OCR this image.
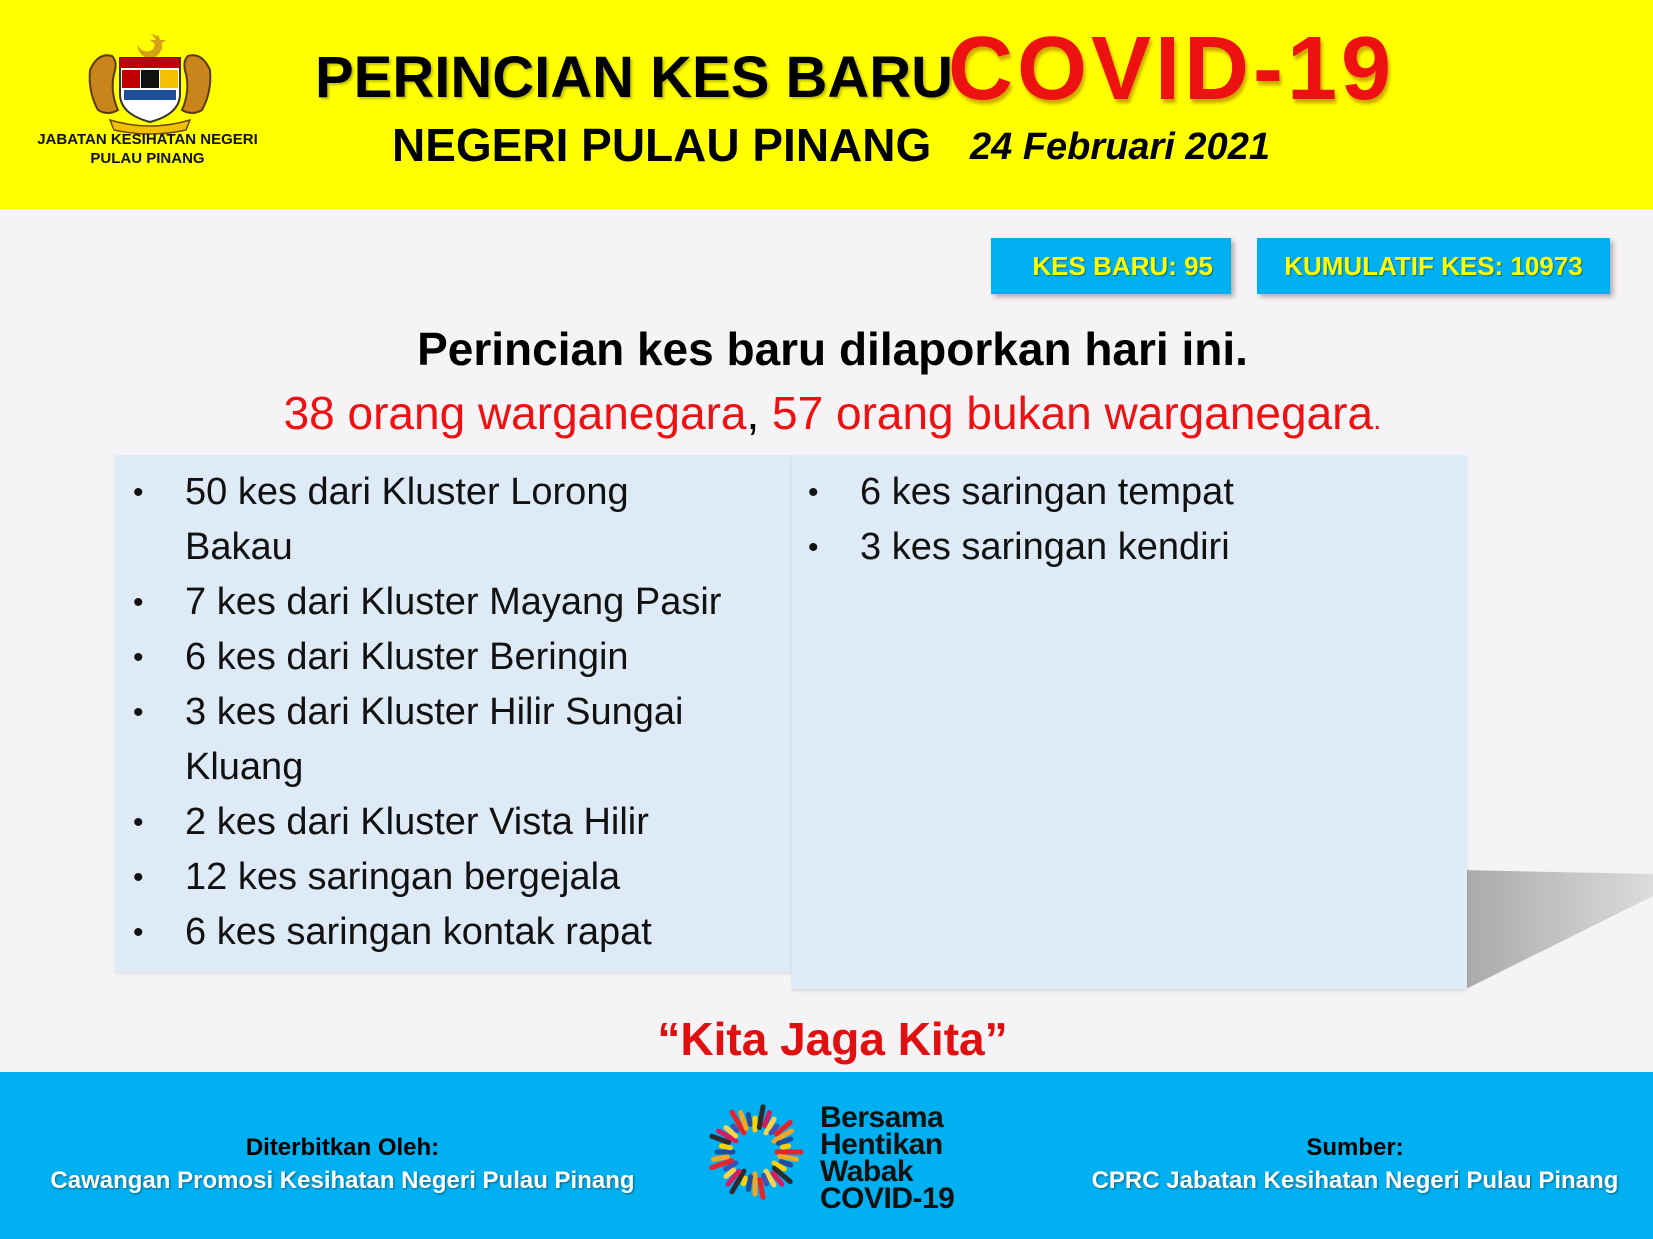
JABATAN KESIHATAN NEGERI
PULAU PINANG
PERINCIAN KES BARU
COVID-19
NEGERI PULAU PINANG 24 Februari 2021
KES BARU: 95	KUMULATIF KES: 10973
Perincian kes baru dilaporkan hari ini.
38 orang warganegara, 57 orang bukan warganegara.
• 50 kes dari Kluster Lorong
Bakau
• 7 kes dari Kluster Mayang Pasir
• 6 kes dari Kluster Beringin
• 3 kes dari Kluster Hilir Sungai
Kluang
• 2 kes dari Kluster Vista Hilir
• 12 kes saringan bergejala
• 6 kes saringan kontak rapat
• 6 kes saringan tempat
• 3 kes saringan kendiri
“Kita Jaga Kita”
Diterbitkan Oleh:
Cawangan Promosi Kesihatan Negeri Pulau Pinang
Bersama
Hentikan
Wabak
COVID-19
Sumber:
CPRC Jabatan Kesihatan Negeri Pulau Pinang
